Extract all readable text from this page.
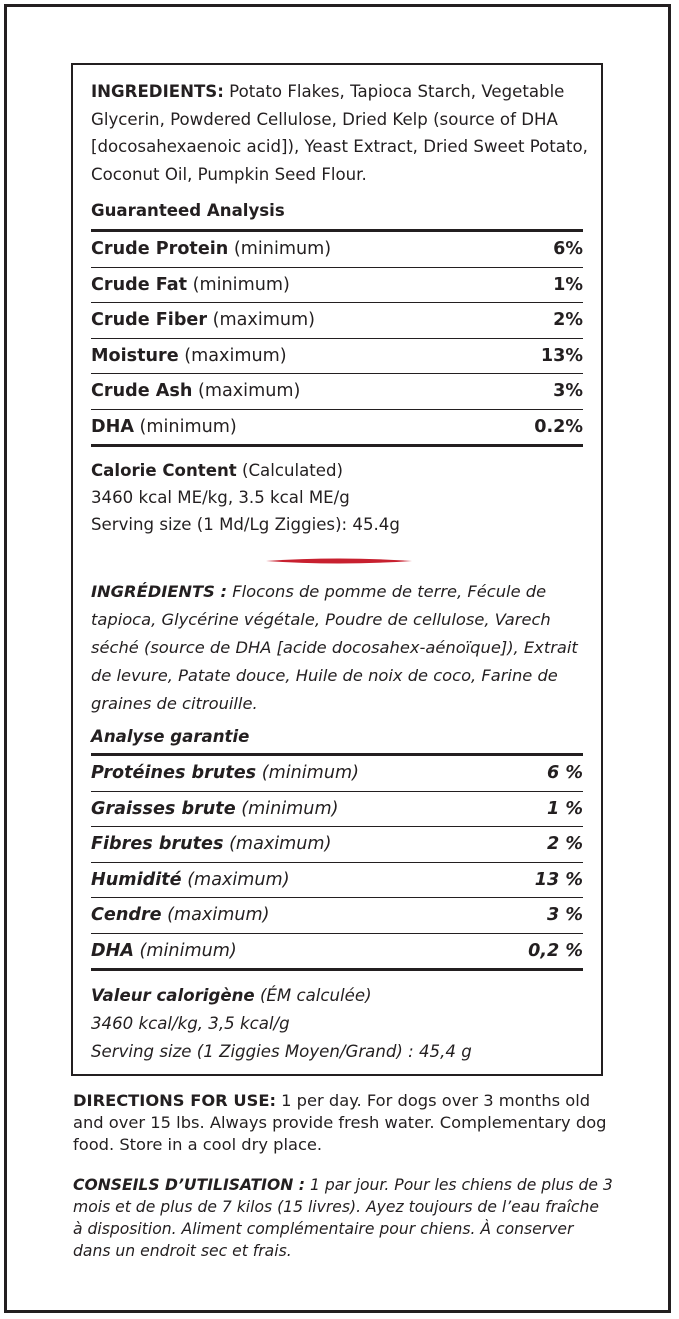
INGREDIENTS: Potato Flakes, Tapioca Starch, Vegetable Glycerin, Powdered Cellulose, Dried Kelp (source of DHA [docosahexaenoic acid]), Yeast Extract, Dried Sweet Potato, Coconut Oil, Pumpkin Seed Flour.

Guaranteed Analysis
Crude Protein (minimum)	6%
Crude Fat (minimum)	1%
Crude Fiber (maximum)	2%
Moisture (maximum)	13%
Crude Ash (maximum)	3%
DHA (minimum)	0.2%

Calorie Content (Calculated)
3460 kcal ME/kg, 3.5 kcal ME/g
Serving size (1 Md/Lg Ziggies): 45.4g

INGRÉDIENTS : Flocons de pomme de terre, Fécule de tapioca, Glycérine végétale, Poudre de cellulose, Varech séché (source de DHA [acide docosahex-aénoïque]), Extrait de levure, Patate douce, Huile de noix de coco, Farine de graines de citrouille.

Analyse garantie
Protéines brutes (minimum)	6 %
Graisses brute (minimum)	1 %
Fibres brutes (maximum)	2 %
Humidité (maximum)	13 %
Cendre (maximum)	3 %
DHA (minimum)	0,2 %

Valeur calorigène (ÉM calculée)
3460 kcal/kg, 3,5 kcal/g
Serving size (1 Ziggies Moyen/Grand) : 45,4 g

DIRECTIONS FOR USE: 1 per day. For dogs over 3 months old and over 15 lbs. Always provide fresh water. Complementary dog food. Store in a cool dry place.

CONSEILS D’UTILISATION : 1 par jour. Pour les chiens de plus de 3 mois et de plus de 7 kilos (15 livres). Ayez toujours de l’eau fraîche à disposition. Aliment complémentaire pour chiens. À conserver dans un endroit sec et frais.
